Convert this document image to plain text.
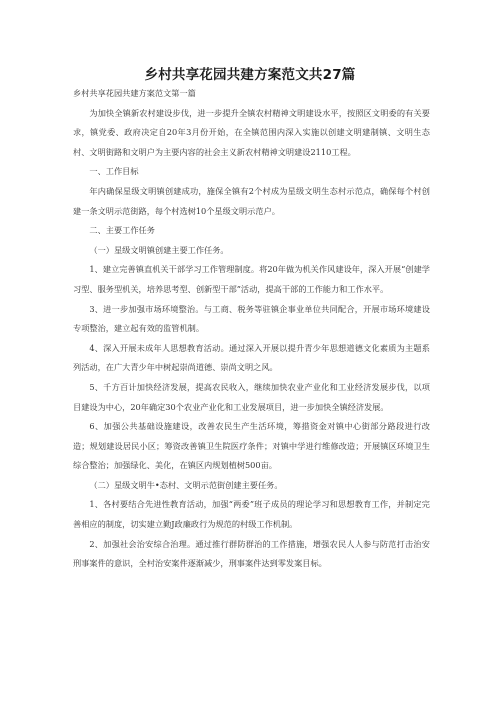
乡村共享花园共建方案范文共27篇

乡村共享花园共建方案范文第一篇

为加快全镇新农村建设步伐，进一步提升全镇农村精神文明建设水平，按照区文明委的有关要求，镇党委、政府决定自20年3月份开始，在全镇范围内深入实施以创建文明建制镇、文明生态村、文明街路和文明户为主要内容的社会主义新农村精神文明建设2110工程。

一、工作目标

年内确保星级文明镇创建成功，施保全镇有2个村成为星级文明生态村示范点，确保每个村创建一条文明示范街路，每个村选树10个星级文明示范户。

二、主要工作任务

（一）星级文明镇创建主要工作任务。

1、建立完善镇直机关干部学习工作管理制度。将20年做为机关作风建设年，深入开展“创建学习型、服务型机关，培养思考型、创新型干部”活动，提高干部的工作能力和工作水平。

3、进一步加强市场环境整治。与工商、税务等驻镇企事业单位共同配合，开展市场环境建设专项整治，建立起有效的监管机制。

4、深入开展未成年人思想教育活动。通过深入开展以提升青少年思想道德文化素质为主题系列活动，在广大青少年中树起崇尚道德、崇尚文明之风。

5、千方百计加快经济发展，提高农民收入，继续加快农业产业化和工业经济发展步伐，以项目建设为中心，20年确定30个农业产业化和工业发展项目，进一步加快全镇经济发展。

6、加强公共基础设施建设，改善农民生产生活环境，筹措资金对镇中心街部分路段进行改造；规划建设居民小区；筹资改善镇卫生院医疗条件；对镇中学进行维修改造；开展镇区环境卫生综合整治；加强绿化、美化，在镇区内规划植树500亩。

（二）星级文明牛•态村、文明示范街创建主要任务。

1、各村要结合先进性教育活动，加强“两委”班子成员的理论学习和思想教育工作，并制定完善相应的制度，切实建立勤J政廉政行为规范的村级工作机制。

2、加强社会治安综合治理。通过推行群防群治的工作措施，增强农民人人参与防范打击治安刑事案件的意识，全村治安案件逐渐减少，刑事案件达到零发案目标。
